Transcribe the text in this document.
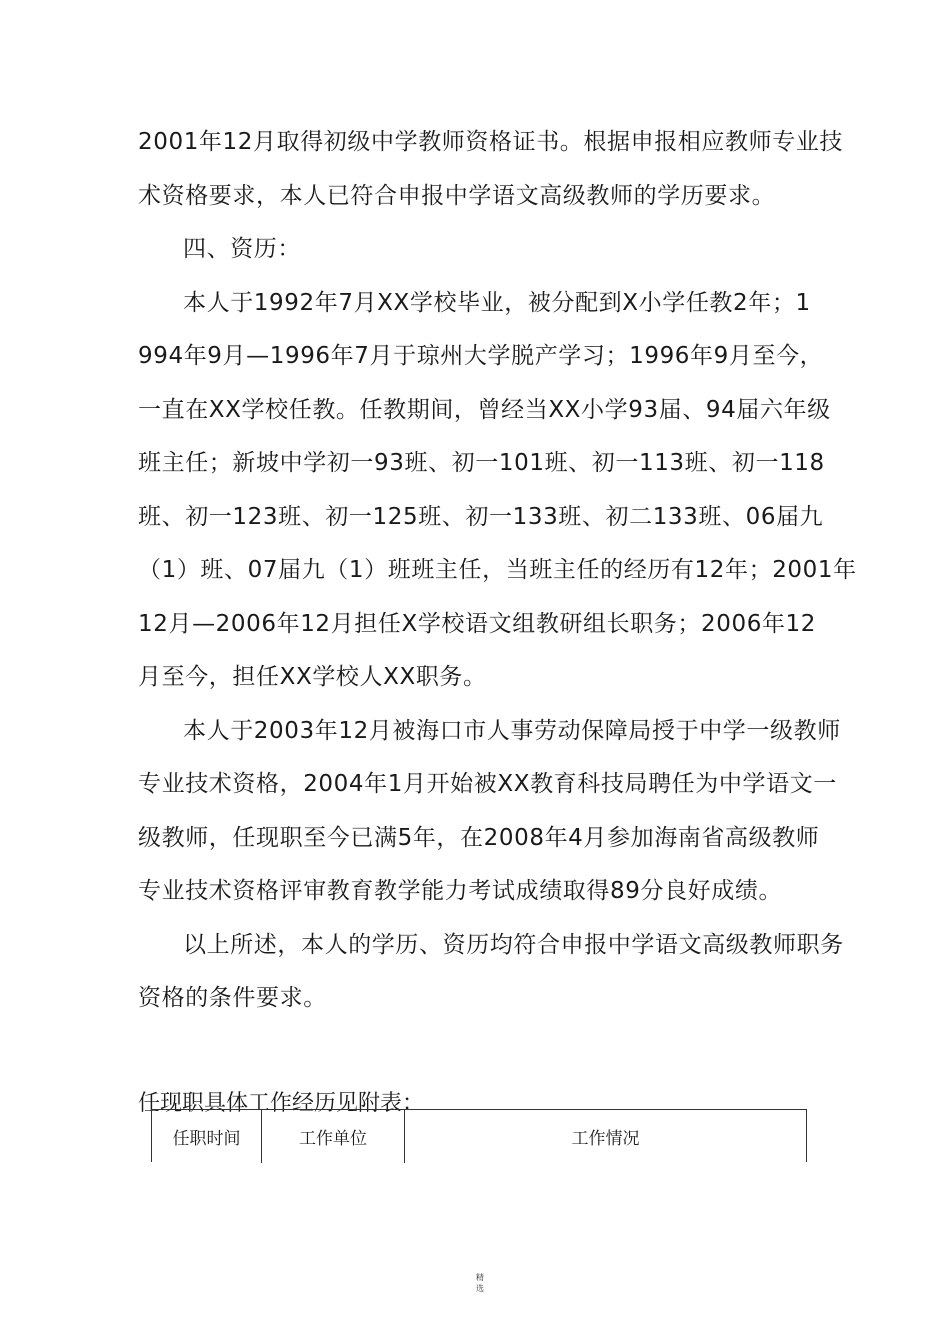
2001年12月取得初级中学教师资格证书。根据申报相应教师专业技
术资格要求，本人已符合申报中学语文高级教师的学历要求。
四、资历：
本人于1992年7月XX学校毕业，被分配到X小学任教2年；1
994年9月—1996年7月于琼州大学脱产学习；1996年9月至今，
一直在XX学校任教。任教期间，曾经当XX小学93届、94届六年级
班主任；新坡中学初一93班、初一101班、初一113班、初一118
班、初一123班、初一125班、初一133班、初二133班、06届九
（1）班、07届九（1）班班主任，当班主任的经历有12年；2001年
12月—2006年12月担任X学校语文组教研组长职务；2006年12
月至今，担任XX学校人XX职务。
本人于2003年12月被海口市人事劳动保障局授于中学一级教师
专业技术资格，2004年1月开始被XX教育科技局聘任为中学语文一
级教师，任现职至今已满5年，在2008年4月参加海南省高级教师
专业技术资格评审教育教学能力考试成绩取得89分良好成绩。
以上所述，本人的学历、资历均符合申报中学语文高级教师职务
资格的条件要求。
任现职具体工作经历见附表：
任职时间	工作单位	工作情况
精
选
